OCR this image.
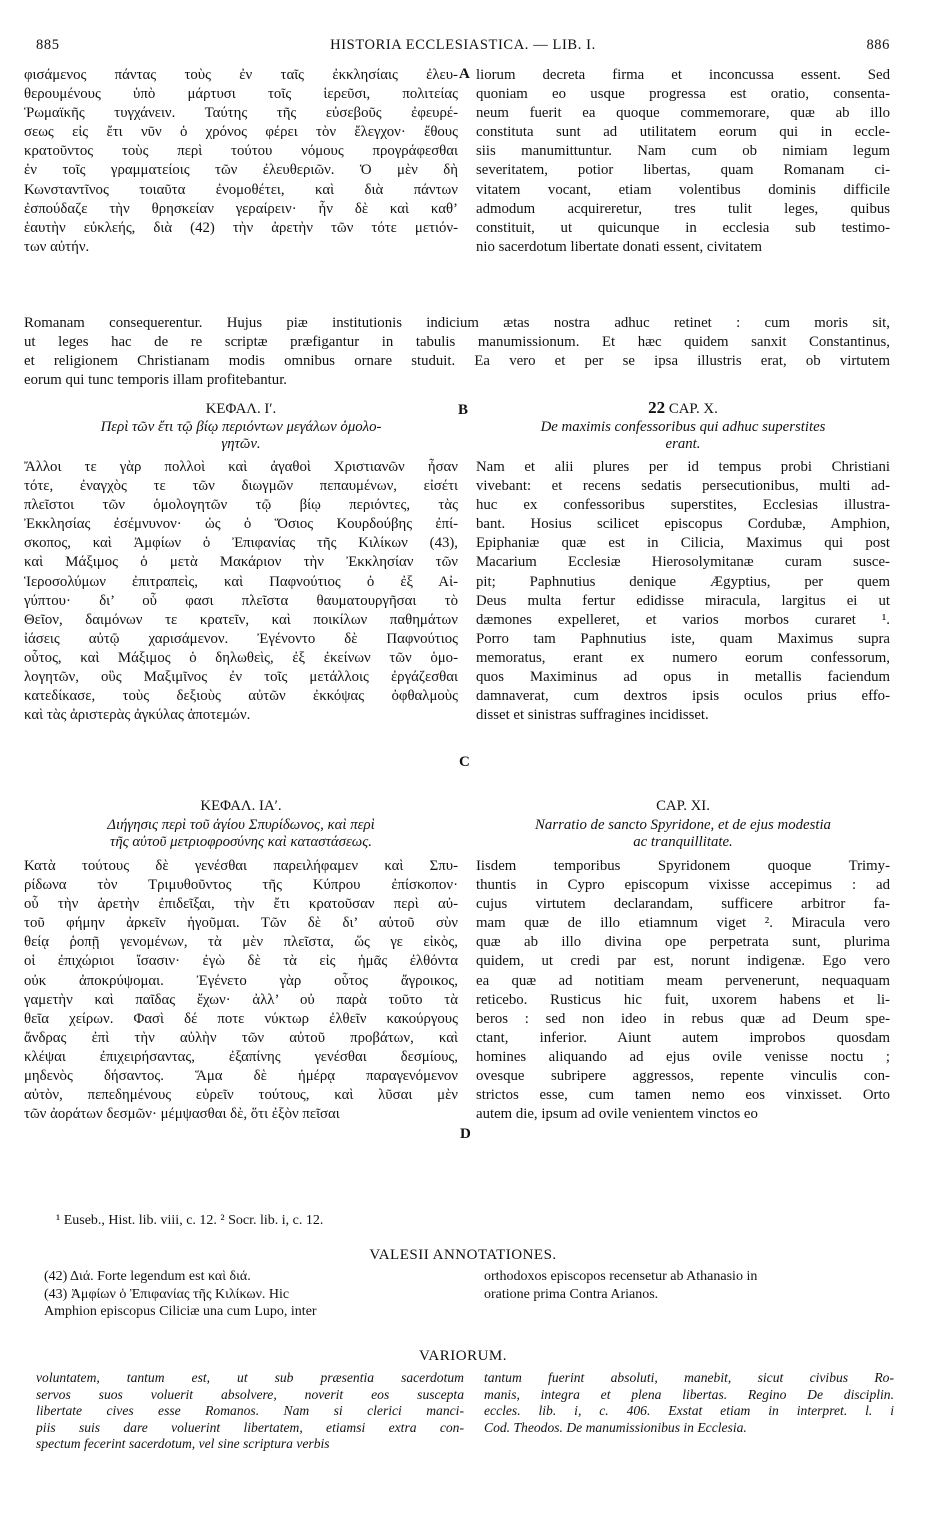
885	HISTORIA ECCLESIASTICA. — LIB. I.	886
φισάμενος πάντας τοὺς ἐν ταῖς ἐκκλησίαις ἐλευ-
θερουμένους ὑπὸ μάρτυσι τοῖς ἱερεῦσι, πολιτείας
Ῥωμαϊκῆς τυγχάνειν. Ταύτης τῆς εὐσεβοῦς ἐφευρέ-
σεως εἰς ἔτι νῦν ὁ χρόνος φέρει τὸν ἔλεγχον· ἔθους
κρατοῦντος τοὺς περὶ τούτου νόμους προγράφεσθαι
ἐν τοῖς γραμματείοις τῶν ἐλευθεριῶν. Ὁ μὲν δὴ
Κωνσταντῖνος τοιαῦτα ἐνομοθέτει, καὶ διὰ πάντων
ἐσπούδαζε τὴν θρησκείαν γεραίρειν· ἦν δὲ καὶ καθ’
ἑαυτὴν εὐκλεής, διὰ (42) τὴν ἀρετὴν τῶν τότε μετιόν-
των αὐτήν.
liorum decreta firma et inconcussa essent. Sed
quoniam eo usque progressa est oratio, consenta-
neum fuerit ea quoque commemorare, quæ ab illo
constituta sunt ad utilitatem eorum qui in eccle-
siis manumittuntur. Nam cum ob nimiam legum
severitatem, potior libertas, quam Romanam ci-
vitatem vocant, etiam volentibus dominis difficile
admodum acquireretur, tres tulit leges, quibus
constituit, ut quicunque in ecclesia sub testimo-
nio sacerdotum libertate donati essent, civitatem
A
Romanam consequerentur. Hujus piæ institutionis indicium ætas nostra adhuc retinet : cum moris sit,
ut leges hac de re scriptæ præfigantur in tabulis manumissionum. Et hæc quidem sanxit Constantinus,
et religionem Christianam modis omnibus ornare studuit. Ea vero et per se ipsa illustris erat, ob virtutem
eorum qui tunc temporis illam profitebantur.
B
ΚΕΦΑΛ. Ι′.	22 CAP. X.
Περὶ τῶν ἔτι τῷ βίῳ περιόντων μεγάλων ὁμολο-
γητῶν.
De maximis confessoribus qui adhuc superstites
erant.
Ἄλλοι τε γὰρ πολλοὶ καὶ ἀγαθοὶ Χριστιανῶν ἦσαν
τότε, ἐναγχὸς τε τῶν διωγμῶν πεπαυμένων, εἰσέτι
πλεῖστοι τῶν ὁμολογητῶν τῷ βίῳ περιόντες, τὰς
Ἐκκλησίας ἐσέμνυνον· ὡς ὁ Ὅσιος Κουρδούβης ἐπί-
σκοπος, καὶ Ἀμφίων ὁ Ἐπιφανίας τῆς Κιλίκων (43),
καὶ Μάξιμος ὁ μετὰ Μακάριον τὴν Ἐκκλησίαν τῶν
Ἱεροσολύμων ἐπιτραπεὶς, καὶ Παφνούτιος ὁ ἐξ Αἰ-
γύπτου· δι’ οὗ φασι πλεῖστα θαυματουργῆσαι τὸ
Θεῖον, δαιμόνων τε κρατεῖν, καὶ ποικίλων παθημάτων
ἰάσεις αὐτῷ χαρισάμενον. Ἐγένοντο δὲ Παφνούτιος
οὗτος, καὶ Μάξιμος ὁ δηλωθεὶς, ἐξ ἐκείνων τῶν ὁμο-
λογητῶν, οὓς Μαξιμῖνος ἐν τοῖς μετάλλοις ἐργάζεσθαι
κατεδίκασε, τοὺς δεξιοὺς αὐτῶν ἐκκόψας ὀφθαλμοὺς
καὶ τὰς ἀριστερὰς ἀγκύλας ἀποτεμών.
Nam et alii plures per id tempus probi Christiani
vivebant: et recens sedatis persecutionibus, multi ad-
huc ex confessoribus superstites, Ecclesias illustra-
bant. Hosius scilicet episcopus Cordubæ, Amphion,
Epiphaniæ quæ est in Cilicia, Maximus qui post
Macarium Ecclesiæ Hierosolymitanæ curam susce-
pit; Paphnutius denique Ægyptius, per quem
Deus multa fertur edidisse miracula, largitus ei ut
dæmones expelleret, et varios morbos curaret ¹.
Porro tam Paphnutius iste, quam Maximus supra
memoratus, erant ex numero eorum confessorum,
quos Maximinus ad opus in metallis faciendum
damnaverat, cum dextros ipsis oculos prius effo-
disset et sinistras suffragines incidisset.
C
ΚΕΦΑΛ. ΙΑ′.	CAP. XI.
Διήγησις περὶ τοῦ ἁγίου Σπυρίδωνος, καὶ περὶ
τῆς αὐτοῦ μετριοφροσύνης καὶ καταστάσεως.
Narratio de sancto Spyridone, et de ejus modestia
ac tranquillitate.
Κατὰ τούτους δὲ γενέσθαι παρειλήφαμεν καὶ Σπυ-
ρίδωνα τὸν Τριμυθοῦντος τῆς Κύπρου ἐπίσκοπον·
οὗ τὴν ἀρετὴν ἐπιδεῖξαι, τὴν ἔτι κρατοῦσαν περὶ αὐ-
τοῦ φήμην ἀρκεῖν ἡγοῦμαι. Τῶν δὲ δι’ αὐτοῦ σὺν
θείᾳ ῥοπῇ γενομένων, τὰ μὲν πλεῖστα, ὥς γε εἰκὸς,
οἱ ἐπιχώριοι ἴσασιν· ἐγὼ δὲ τὰ εἰς ἡμᾶς ἐλθόντα
οὐκ ἀποκρύψομαι. Ἐγένετο γὰρ οὗτος ἄγροικος,
γαμετὴν καὶ παῖδας ἔχων· ἀλλ’ οὐ παρὰ τοῦτο τὰ
θεῖα χείρων. Φασὶ δέ ποτε νύκτωρ ἐλθεῖν κακούργους
ἄνδρας ἐπὶ τὴν αὐλὴν τῶν αὐτοῦ προβάτων, καὶ
κλέψαι ἐπιχειρήσαντας, ἐξαπίνης γενέσθαι δεσμίους,
μηδενὸς δήσαντος. Ἅμα δὲ ἡμέρᾳ παραγενόμενον
αὐτὸν, πεπεδημένους εὑρεῖν τούτους, καὶ λῦσαι μὲν
τῶν ἀοράτων δεσμῶν· μέμψασθαι δὲ, ὅτι ἐξὸν πεῖσαι
Iisdem temporibus Spyridonem quoque Trimy-
thuntis in Cypro episcopum vixisse accepimus : ad
cujus virtutem declarandam, sufficere arbitror fa-
mam quæ de illo etiamnum viget ². Miracula vero
quæ ab illo divina ope perpetrata sunt, plurima
quidem, ut credi par est, norunt indigenæ. Ego vero
ea quæ ad notitiam meam pervenerunt, nequaquam
reticebo. Rusticus hic fuit, uxorem habens et li-
beros : sed non ideo in rebus quæ ad Deum spe-
ctant, inferior. Aiunt autem improbos quosdam
homines aliquando ad ejus ovile venisse noctu ;
ovesque subripere aggressos, repente vinculis con-
strictos esse, cum tamen nemo eos vinxisset. Orto
autem die, ipsum ad ovile venientem vinctos eo
D
¹ Euseb., Hist. lib. viii, c. 12. ² Socr. lib. i, c. 12.
VALESII ANNOTATIONES.
(42) Διά. Forte legendum est καὶ διά.
(43) Ἀμφίων ὁ Ἐπιφανίας τῆς Κιλίκων. Hic
Amphion episcopus Ciliciæ una cum Lupo, inter
orthodoxos episcopos recensetur ab Athanasio in
oratione prima Contra Arianos.
VARIORUM.
voluntatem, tantum est, ut sub præsentia sacerdotum
servos suos voluerit absolvere, noverit eos suscepta
libertate cives esse Romanos. Nam si clerici manci-
piis suis dare voluerint libertatem, etiamsi extra con-
spectum fecerint sacerdotum, vel sine scriptura verbis
tantum fuerint absoluti, manebit, sicut civibus Ro-
manis, integra et plena libertas. Regino De disciplin.
eccles. lib. i, c. 406. Exstat etiam in interpret. l. i
Cod. Theodos. De manumissionibus in Ecclesia.
